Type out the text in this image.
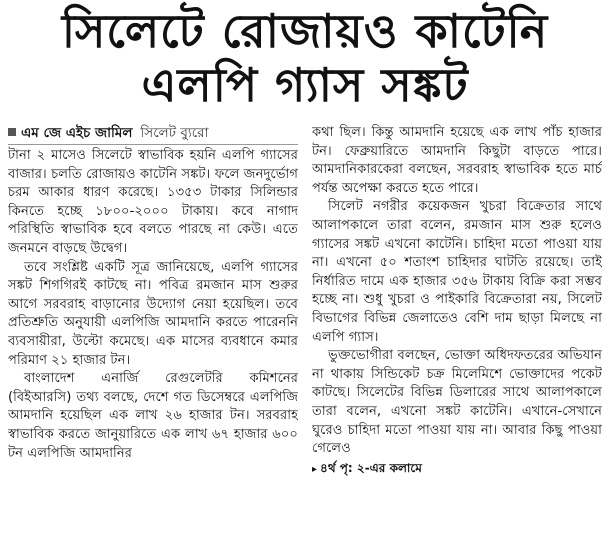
সিলেটে রোজায়ও কাটেনি
এলপি গ্যাস সঙ্কট
এম জে এইচ জামিল সিলেট ব্যুরো

টানা ২ মাসেও সিলেটে স্বাভাবিক হয়নি এলপি গ্যাসের বাজার। চলতি রোজায়ও কাটেনি সঙ্কট। ফলে জনদুর্ভোগ চরম আকার ধারণ করেছে। ১৩৫৩ টাকার সিলিন্ডার কিনতে হচ্ছে ১৮০০-২০০০ টাকায়। কবে নাগাদ পরিস্থিতি স্বাভাবিক হবে বলতে পারছে না কেউ। এতে জনমনে বাড়ছে উদ্বেগ।

তবে সংশ্লিষ্ট একটি সূত্র জানিয়েছে, এলপি গ্যাসের সঙ্কট শিগগিরই কাটছে না। পবিত্র রমজান মাস শুরুর আগে সরবরাহ বাড়ানোর উদ্যোগ নেয়া হয়েছিল। তবে প্রতিশ্রুতি অনুযায়ী এলপিজি আমদানি করতে পারেননি ব্যবসায়ীরা, উল্টো কমেছে। এক মাসের ব্যবধানে কমার পরিমাণ ২১ হাজার টন।

বাংলাদেশ এনার্জি রেগুলেটরি কমিশনের (বিইআরসি) তথ্য বলছে, দেশে গত ডিসেম্বরে এলপিজি আমদানি হয়েছিল এক লাখ ২৬ হাজার টন। সরবরাহ স্বাভাবিক করতে জানুয়ারিতে এক লাখ ৬৭ হাজার ৬০০ টন এলপিজি আমদানির

কথা ছিল। কিন্তু আমদানি হয়েছে এক লাখ পাঁচ হাজার টন। ফেব্রুয়ারিতে আমদানি কিছুটা বাড়তে পারে। আমদানিকারকেরা বলছেন, সরবরাহ স্বাভাবিক হতে মার্চ পর্যন্ত অপেক্ষা করতে হতে পারে।

সিলেট নগরীর কয়েকজন খুচরা বিক্রেতার সাথে আলাপকালে তারা বলেন, রমজান মাস শুরু হলেও গ্যাসের সঙ্কট এখনো কাটেনি। চাহিদা মতো পাওয়া যায় না। এখনো ৫০ শতাংশ চাহিদার ঘাটতি রয়েছে। তাই নির্ধারিত দামে এক হাজার ৩৫৬ টাকায় বিক্রি করা সম্ভব হচ্ছে না। শুধু খুচরা ও পাইকারি বিক্রেতারা নয়, সিলেট বিভাগের বিভিন্ন জেলাতেও বেশি দাম ছাড়া মিলছে না এলপি গ্যাস।

ভুক্তভোগীরা বলছেন, ভোক্তা অধিদফতরের অভিযান না থাকায় সিন্ডিকেট চক্র মিলেমিশে ভোক্তাদের পকেট কাটছে। সিলেটের বিভিন্ন ডিলারের সাথে আলাপকালে তারা বলেন, এখনো সঙ্কট কাটেনি। এখানে-সেখানে ঘুরেও চাহিদা মতো পাওয়া যায় না। আবার কিছু পাওয়া গেলেও

▸ ৪র্থ পৃ: ২-এর কলামে
